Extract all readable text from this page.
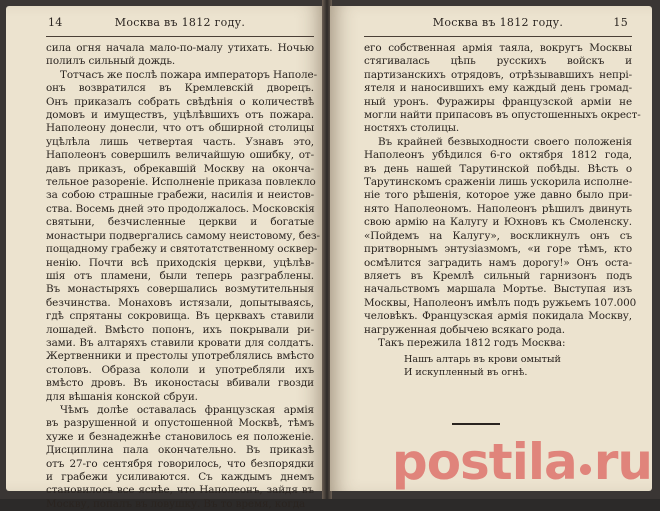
14	Москва въ 1812 году.
сила огня начала мало-по-малу утихать. Ночью
полилъ сильный дождь.
Тотчасъ же послѣ пожара императоръ Наполе-
онъ возвратился въ Кремлевскій дворецъ.
Онъ приказалъ собрать свѣдѣнія о количествѣ
домовъ и имуществъ, уцѣлѣвшихъ отъ пожара.
Наполеону донесли, что отъ обширной столицы
уцѣлѣла лишь четвертая часть. Узнавъ это,
Наполеонъ совершилъ величайшую ошибку, от-
давъ приказъ, обрекавшій Москву на оконча-
тельное разореніе. Исполненіе приказа повлекло
за собою страшные грабежи, насилія и неистов-
ства. Восемь дней это продолжалось. Московскія
святыни, безчисленные церкви и богатые
монастыри подвергались самому неистовому, без-
пощадному грабежу и святотатственному осквер-
ненію. Почти всѣ приходскія церкви, уцѣлѣв-
шія отъ пламени, были теперь разграблены.
Въ монастыряхъ совершались возмутительныя
безчинства. Монаховъ истязали, допытываясь,
гдѣ спрятаны сокровища. Въ церквахъ ставили
лошадей. Вмѣсто попонъ, ихъ покрывали ри-
зами. Въ алтаряхъ ставили кровати для солдатъ.
Жертвенники и престолы употреблялись вмѣсто
столовъ. Образа кололи и употребляли ихъ
вмѣсто дровъ. Въ иконостасы вбивали гвозди
для вѣшанія конской сбруи.
Чѣмъ долѣе оставалась французская армія
въ разрушенной и опустошенной Москвѣ, тѣмъ
хуже и безнадежнѣе становилось ея положеніе.
Дисциплина пала окончательно. Въ приказѣ
отъ 27-го сентября говорилось, что безпорядки
и грабежи усиливаются. Съ каждымъ днемъ
становилось все яснѣе, что Наполеонъ, зайдя въ
Москву, попалъ въ ловушку. Въ то время, когда
Москва въ 1812 году.	15
его собственная армія таяла, вокругъ Москвы
стягивалась цѣпь русскихъ войскъ и
партизанскихъ отрядовъ, отрѣзывавшихъ непрі-
ятеля и наносившихъ ему каждый день громад-
ный уронъ. Фуражиры французской арміи не
могли найти припасовъ въ опустошенныхъ окрест-
ностяхъ столицы.
Въ крайней безвыходности своего положенія
Наполеонъ убѣдился 6-го октября 1812 года,
въ день нашей Тарутинской побѣды. Вѣсть о
Тарутинскомъ сраженіи лишь ускорила исполне-
ніе того рѣшенія, которое уже давно было при-
нято Наполеономъ. Наполеонъ рѣшилъ двинуть
свою армію на Калугу и Юхновъ къ Смоленску.
«Пойдемъ на Калугу», воскликнулъ онъ съ
притворнымъ энтузіазмомъ, «и горе тѣмъ, кто
осмѣлится заградить намъ дорогу!» Онъ оста-
вляетъ въ Кремлѣ сильный гарнизонъ подъ
начальствомъ маршала Мортье. Выступая изъ
Москвы, Наполеонъ имѣлъ подъ ружьемъ 107.000
человѣкъ. Французская армія покидала Москву,
нагруженная добычею всякаго рода.
Такъ пережила 1812 годъ Москва:
Нашъ алтарь въ крови омытый
И искупленный въ огнѣ.
postila ru
